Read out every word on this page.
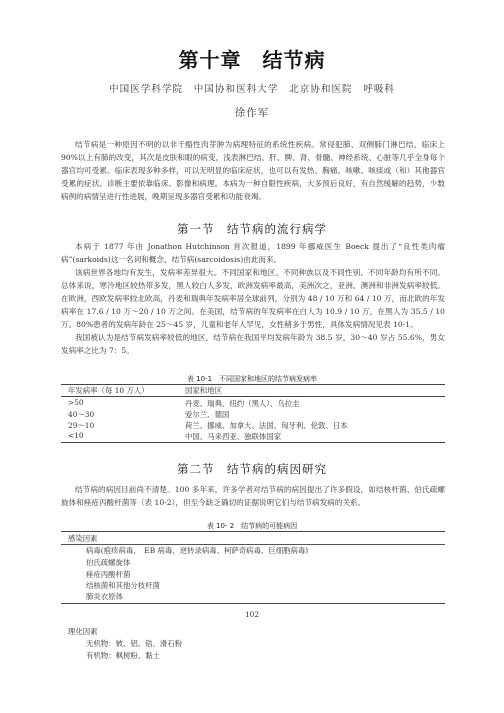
第十章　结节病
中国医学科学院　中国协和医科大学　北京协和医院　呼吸科
徐作军
结节病是一种原因不明的以非干酪性肉芽肿为病理特征的系统性疾病。常侵犯肺、双侧肺门淋巴结，临床上90%以上有肺的改变，其次是皮肤和眼的病变，浅表淋巴结、肝、脾、肾、骨髓、神经系统、心脏等几乎全身每个器官均可受累。临床表现多种多样，可以无明显的临床症状，也可以有发热、胸痛、咳嗽、咳痰或（和）其他器官受累的症状。诊断主要依靠临床、影像和病理。本病为一种自限性疾病，大多预后良好，有自然缓解的趋势，少数病例的病情呈进行性进展，晚期呈现多器官受累和功能衰竭。
第一节　结节病的流行病学
本病于 1877 年由 Jonathon Hutchinson 首次报道，1899 年挪威医生 Boeck 提出了“良性类肉瘤病”(sarkoids)这一名词和概念，结节病(sarcoidosis)由此而来。
该病世界各地均有发生，发病率差异很大。不同国家和地区、不同种族以及不同性别、不同年龄均有所不同。总体来说，寒冷地区较热带多发，黑人较白人多发，欧洲发病率最高，美洲次之，亚洲、澳洲和非洲发病率较低。在欧洲，西欧发病率较北欧高，丹麦和瑞典年发病率居全球前列，分别为 48 / 10 万和 64 / 10 万，而北欧的年发病率在 17.6 / 10 万～20 / 10 万之间。在美国，结节病的年发病率在白人为 10.9 / 10 万，在黑人为 35.5 / 10 万。80%患者的发病年龄在 25～45 岁，儿童和老年人罕见，女性稍多于男性，具体发病情况见表 10-1。
我国被认为是结节病发病率较低的地区，结节病在我国平均发病年龄为 38.5 岁，30～40 岁占 55.6%，男女发病率之比为 7：5。
表 10-1　不同国家和地区的结节病发病率
年发病率（每 10 万人）	国家和地区
>50	丹麦、瑞典、纽约（黑人）、乌拉圭
40～30	爱尔兰、德国
29～10	荷兰、挪威、加拿大、法国、匈牙利、伦敦、日本
<10	中国、马来西亚、独联体国家
第二节　结节病的病因研究
结节病的病因目前尚不清楚。100 多年来，许多学者对结节病的病因提出了许多假设，如结核杆菌、伯氏疏螺旋体和痤疮丙酸杆菌等（表 10-2），但至今缺乏确切的证据说明它们与结节病发病的关系。
表 10- 2　结节病的可能病因
感染因素
病毒(疱疹病毒、　EB 病毒、逆转录病毒、柯萨奇病毒、巨细胞病毒)
伯氏疏螺旋体
痤疮丙酸杆菌
结核菌和其他分枝杆菌
肺炎衣原体
102
理化因素
无机物：铍、铝、锆、滑石粉
有机物：枫树粉、黏土
